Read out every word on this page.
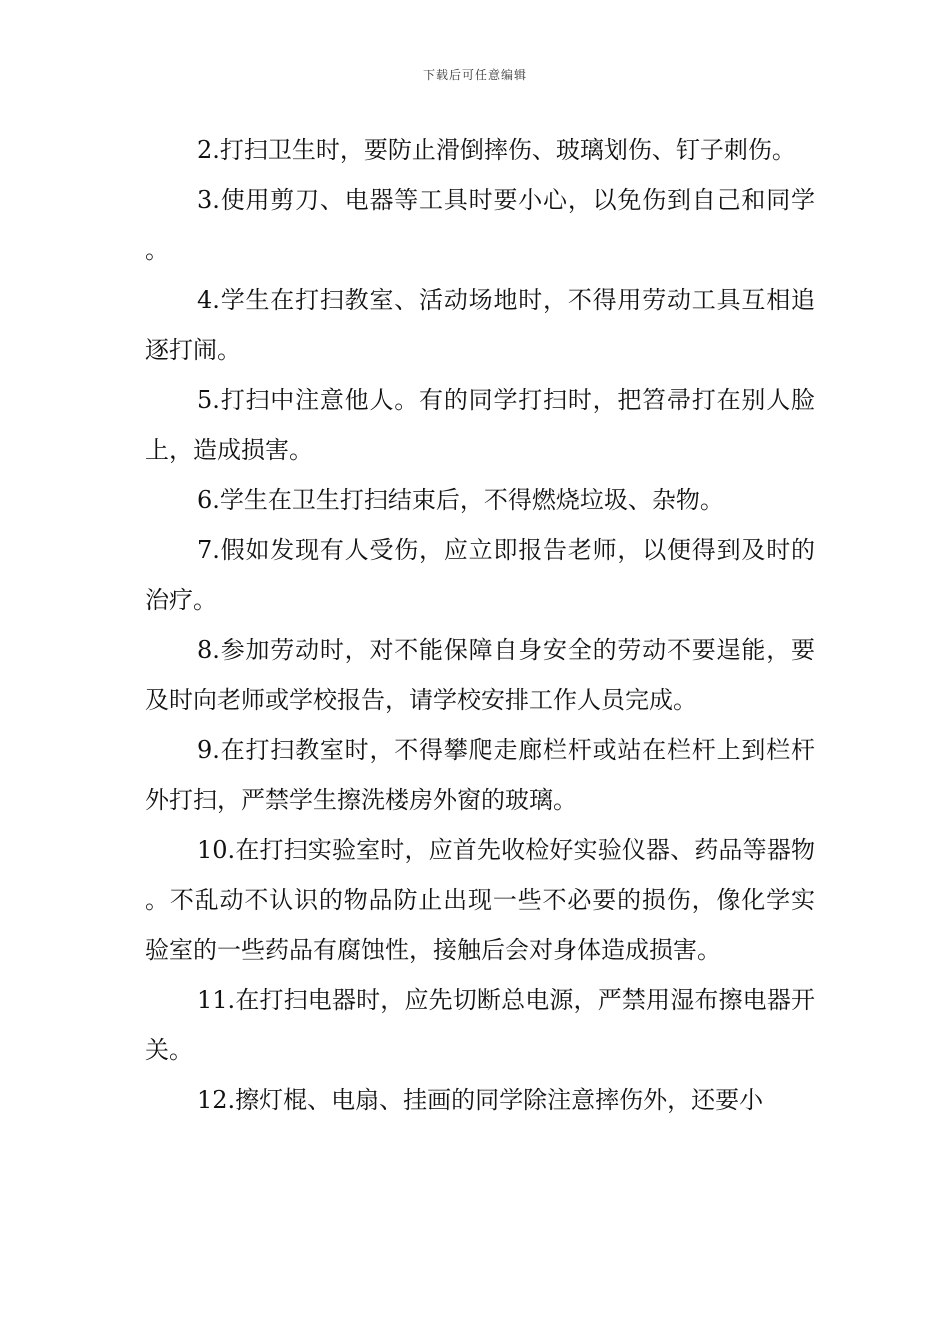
下载后可任意编辑

2.打扫卫生时，要防止滑倒摔伤、玻璃划伤、钉子刺伤。

3.使用剪刀、电器等工具时要小心，以免伤到自己和同学。

4.学生在打扫教室、活动场地时，不得用劳动工具互相追逐打闹。

5.打扫中注意他人。有的同学打扫时，把笤帚打在别人脸上，造成损害。

6.学生在卫生打扫结束后，不得燃烧垃圾、杂物。

7.假如发现有人受伤，应立即报告老师，以便得到及时的治疗。

8.参加劳动时，对不能保障自身安全的劳动不要逞能，要及时向老师或学校报告，请学校安排工作人员完成。

9.在打扫教室时，不得攀爬走廊栏杆或站在栏杆上到栏杆外打扫，严禁学生擦洗楼房外窗的玻璃。

10.在打扫实验室时，应首先收检好实验仪器、药品等器物。不乱动不认识的物品防止出现一些不必要的损伤，像化学实验室的一些药品有腐蚀性，接触后会对身体造成损害。

11.在打扫电器时，应先切断总电源，严禁用湿布擦电器开关。

12.擦灯棍、电扇、挂画的同学除注意摔伤外，还要小
